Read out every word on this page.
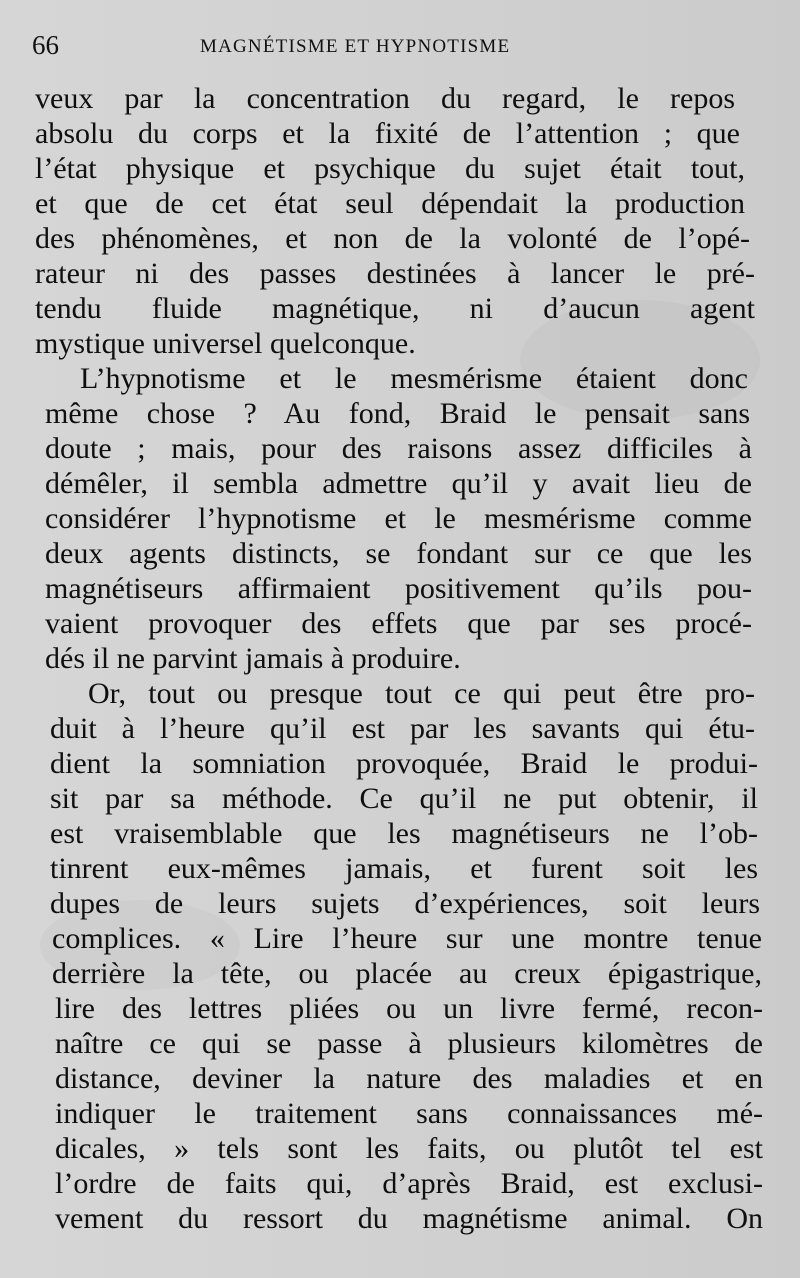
66	MAGNÉTISME ET HYPNOTISME
veux par la concentration du regard, le repos
absolu du corps et la fixité de l’attention ; que
l’état physique et psychique du sujet était tout,
et que de cet état seul dépendait la production
des phénomènes, et non de la volonté de l’opé-
rateur ni des passes destinées à lancer le pré-
tendu fluide magnétique, ni d’aucun agent
mystique universel quelconque.
L’hypnotisme et le mesmérisme étaient donc
même chose ? Au fond, Braid le pensait sans
doute ; mais, pour des raisons assez difficiles à
démêler, il sembla admettre qu’il y avait lieu de
considérer l’hypnotisme et le mesmérisme comme
deux agents distincts, se fondant sur ce que les
magnétiseurs affirmaient positivement qu’ils pou-
vaient provoquer des effets que par ses procé-
dés il ne parvint jamais à produire.
Or, tout ou presque tout ce qui peut être pro-
duit à l’heure qu’il est par les savants qui étu-
dient la somniation provoquée, Braid le produi-
sit par sa méthode. Ce qu’il ne put obtenir, il
est vraisemblable que les magnétiseurs ne l’ob-
tinrent eux-mêmes jamais, et furent soit les
dupes de leurs sujets d’expériences, soit leurs
complices. « Lire l’heure sur une montre tenue
derrière la tête, ou placée au creux épigastrique,
lire des lettres pliées ou un livre fermé, recon-
naître ce qui se passe à plusieurs kilomètres de
distance, deviner la nature des maladies et en
indiquer le traitement sans connaissances mé-
dicales, » tels sont les faits, ou plutôt tel est
l’ordre de faits qui, d’après Braid, est exclusi-
vement du ressort du magnétisme animal. On
